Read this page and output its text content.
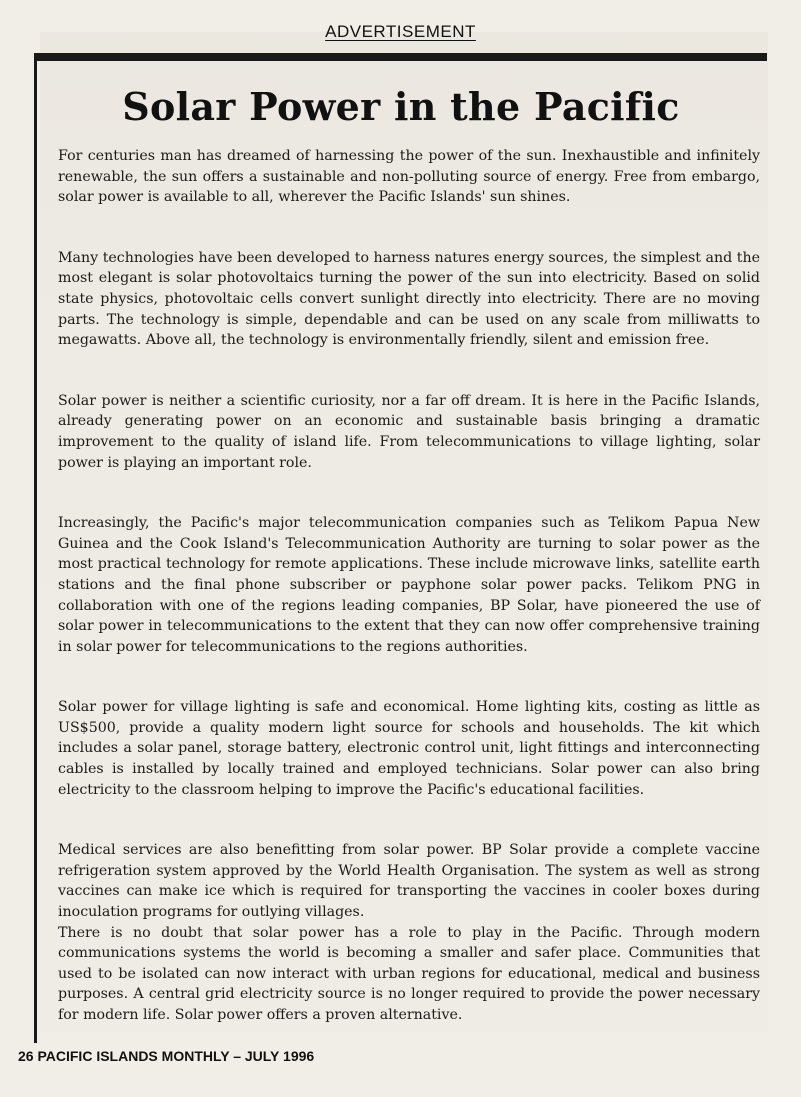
ADVERTISEMENT
Solar Power in the Pacific

For centuries man has dreamed of harnessing the power of the sun. Inexhaustible and infinitely renewable, the sun offers a sustainable and non-polluting source of energy. Free from embargo, solar power is available to all, wherever the Pacific Islands' sun shines.

Many technologies have been developed to harness natures energy sources, the simplest and the most elegant is solar photovoltaics turning the power of the sun into electricity. Based on solid state physics, photovoltaic cells convert sunlight directly into electricity. There are no moving parts. The technology is simple, dependable and can be used on any scale from milliwatts to megawatts. Above all, the technology is environmentally friendly, silent and emission free.

Solar power is neither a scientific curiosity, nor a far off dream. It is here in the Pacific Islands, already generating power on an economic and sustainable basis bringing a dramatic improvement to the quality of island life. From telecommunications to village lighting, solar power is playing an important role.

Increasingly, the Pacific's major telecommunication companies such as Telikom Papua New Guinea and the Cook Island's Telecommunication Authority are turning to solar power as the most practical technology for remote applications. These include microwave links, satellite earth stations and the final phone subscriber or payphone solar power packs. Telikom PNG in collaboration with one of the regions leading companies, BP Solar, have pioneered the use of solar power in telecommunications to the extent that they can now offer comprehensive training in solar power for telecommunications to the regions authorities.

Solar power for village lighting is safe and economical. Home lighting kits, costing as little as US$500, provide a quality modern light source for schools and households. The kit which includes a solar panel, storage battery, electronic control unit, light fittings and interconnecting cables is installed by locally trained and employed technicians. Solar power can also bring electricity to the classroom helping to improve the Pacific's educational facilities.

Medical services are also benefitting from solar power. BP Solar provide a complete vaccine refrigeration system approved by the World Health Organisation. The system as well as strong vaccines can make ice which is required for transporting the vaccines in cooler boxes during inoculation programs for outlying villages.

There is no doubt that solar power has a role to play in the Pacific. Through modern communications systems the world is becoming a smaller and safer place. Communities that used to be isolated can now interact with urban regions for educational, medical and business purposes. A central grid electricity source is no longer required to provide the power necessary for modern life. Solar power offers a proven alternative.

26 PACIFIC ISLANDS MONTHLY – JULY 1996
